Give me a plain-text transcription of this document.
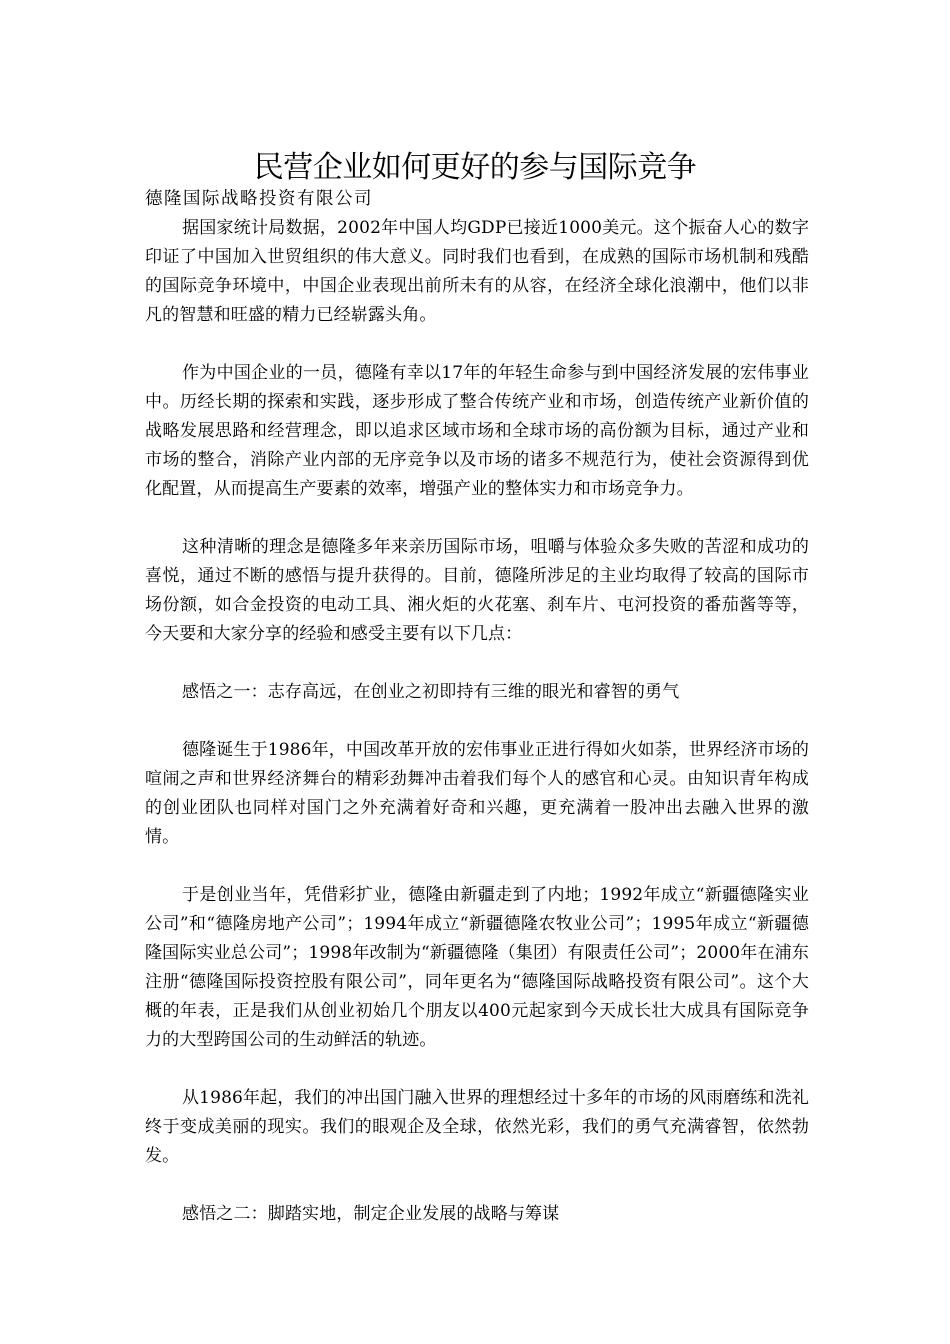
民营企业如何更好的参与国际竞争

德隆国际战略投资有限公司

据国家统计局数据，2002年中国人均GDP已接近1000美元。这个振奋人心的数字印证了中国加入世贸组织的伟大意义。同时我们也看到，在成熟的国际市场机制和残酷的国际竞争环境中，中国企业表现出前所未有的从容，在经济全球化浪潮中，他们以非凡的智慧和旺盛的精力已经崭露头角。

作为中国企业的一员，德隆有幸以17年的年轻生命参与到中国经济发展的宏伟事业中。历经长期的探索和实践，逐步形成了整合传统产业和市场，创造传统产业新价值的战略发展思路和经营理念，即以追求区域市场和全球市场的高份额为目标，通过产业和市场的整合，消除产业内部的无序竞争以及市场的诸多不规范行为，使社会资源得到优化配置，从而提高生产要素的效率，增强产业的整体实力和市场竞争力。

这种清晰的理念是德隆多年来亲历国际市场，咀嚼与体验众多失败的苦涩和成功的喜悦，通过不断的感悟与提升获得的。目前，德隆所涉足的主业均取得了较高的国际市场份额，如合金投资的电动工具、湘火炬的火花塞、刹车片、屯河投资的番茄酱等等，今天要和大家分享的经验和感受主要有以下几点：

感悟之一：志存高远，在创业之初即持有三维的眼光和睿智的勇气

德隆诞生于1986年，中国改革开放的宏伟事业正进行得如火如荼，世界经济市场的喧闹之声和世界经济舞台的精彩劲舞冲击着我们每个人的感官和心灵。由知识青年构成的创业团队也同样对国门之外充满着好奇和兴趣，更充满着一股冲出去融入世界的激情。

于是创业当年，凭借彩扩业，德隆由新疆走到了内地；1992年成立“新疆德隆实业公司”和“德隆房地产公司”；1994年成立“新疆德隆农牧业公司”；1995年成立“新疆德隆国际实业总公司”；1998年改制为“新疆德隆（集团）有限责任公司”；2000年在浦东注册“德隆国际投资控股有限公司”，同年更名为“德隆国际战略投资有限公司”。这个大概的年表，正是我们从创业初始几个朋友以400元起家到今天成长壮大成具有国际竞争力的大型跨国公司的生动鲜活的轨迹。

从1986年起，我们的冲出国门融入世界的理想经过十多年的市场的风雨磨练和洗礼终于变成美丽的现实。我们的眼观企及全球，依然光彩，我们的勇气充满睿智，依然勃发。

感悟之二：脚踏实地，制定企业发展的战略与筹谋
